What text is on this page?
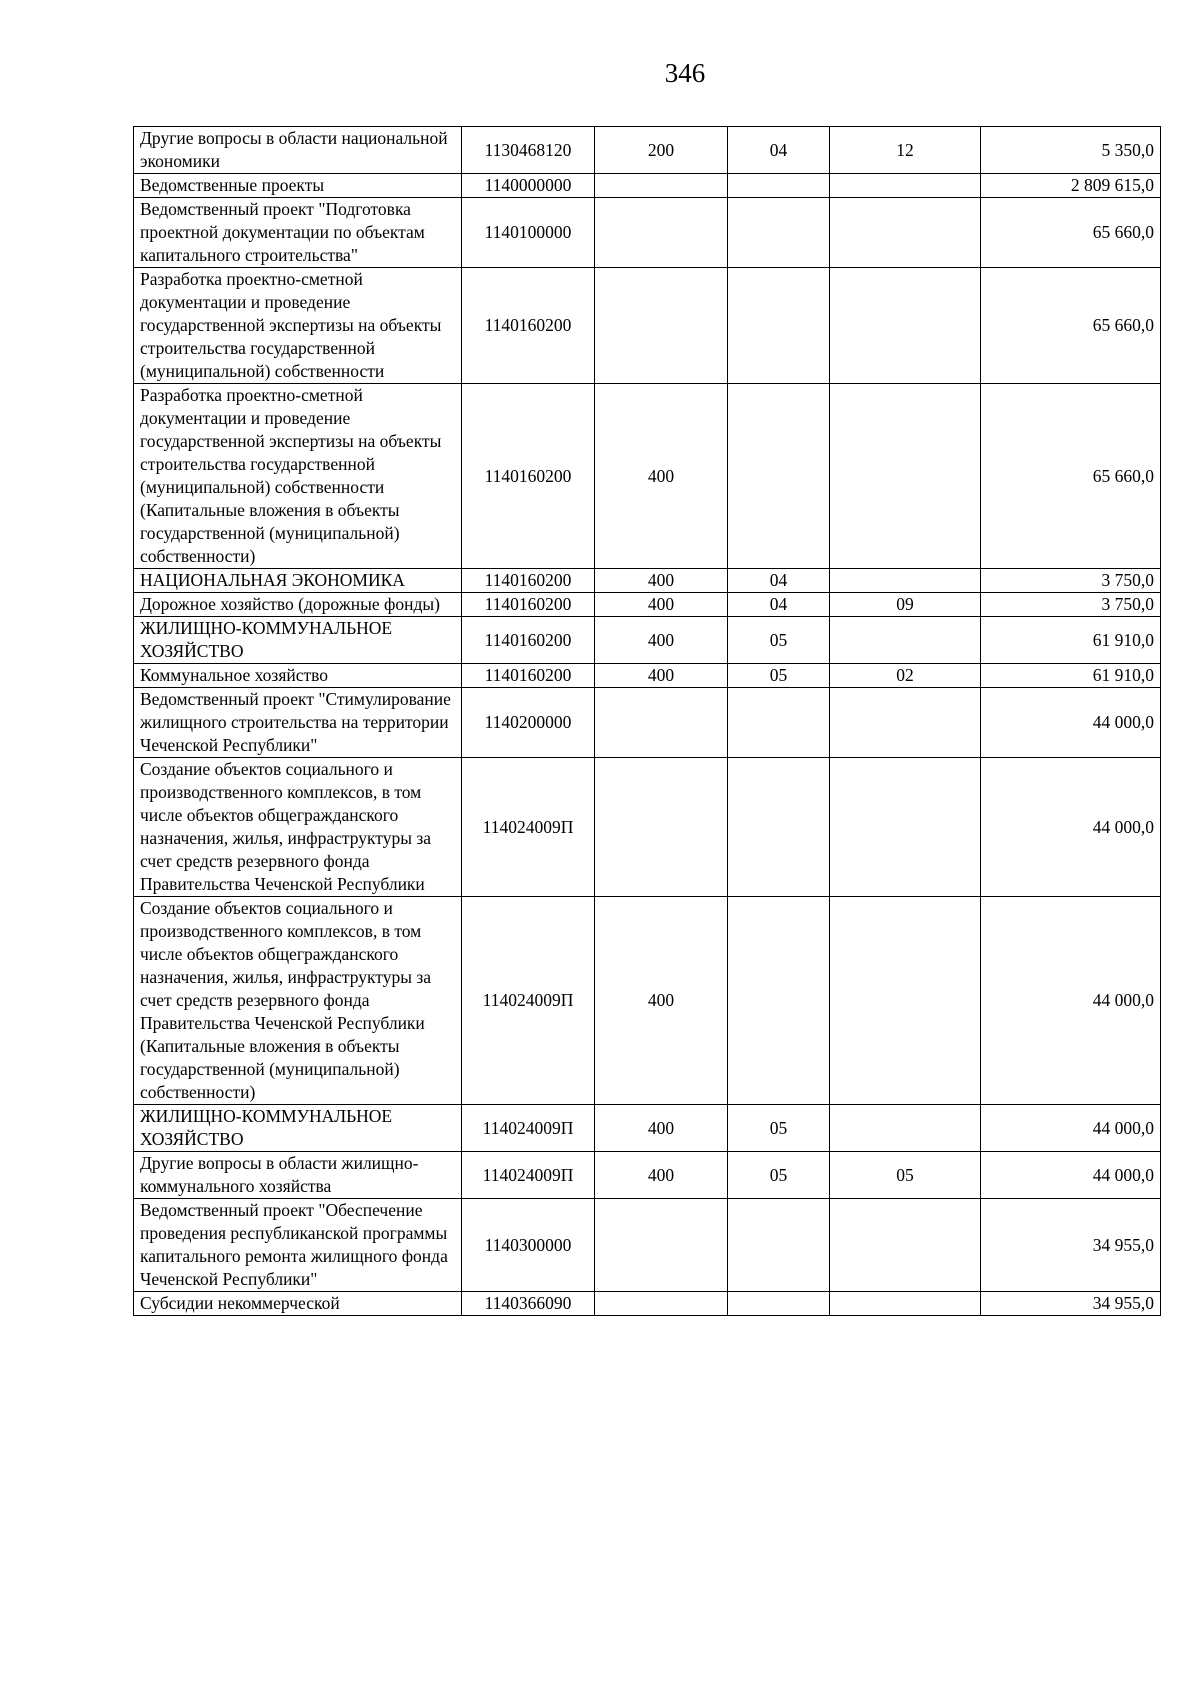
346
Другие вопросы в области национальной экономики	1130468120	200	04	12	5 350,0
Ведомственные проекты	1140000000				2 809 615,0
Ведомственный проект "Подготовка проектной документации по объектам капитального строительства"	1140100000				65 660,0
Разработка проектно-сметной документации и проведение государственной экспертизы на объекты строительства государственной (муниципальной) собственности	1140160200				65 660,0
Разработка проектно-сметной документации и проведение государственной экспертизы на объекты строительства государственной (муниципальной) собственности (Капитальные вложения в объекты государственной (муниципальной) собственности)	1140160200	400			65 660,0
НАЦИОНАЛЬНАЯ ЭКОНОМИКА	1140160200	400	04		3 750,0
Дорожное хозяйство (дорожные фонды)	1140160200	400	04	09	3 750,0
ЖИЛИЩНО-КОММУНАЛЬНОЕ ХОЗЯЙСТВО	1140160200	400	05		61 910,0
Коммунальное хозяйство	1140160200	400	05	02	61 910,0
Ведомственный проект "Стимулирование жилищного строительства на территории Чеченской Республики"	1140200000				44 000,0
Создание объектов социального и производственного комплексов, в том числе объектов общегражданского назначения, жилья, инфраструктуры за счет средств резервного фонда Правительства Чеченской Республики	114024009П				44 000,0
Создание объектов социального и производственного комплексов, в том числе объектов общегражданского назначения, жилья, инфраструктуры за счет средств резервного фонда Правительства Чеченской Республики (Капитальные вложения в объекты государственной (муниципальной) собственности)	114024009П	400			44 000,0
ЖИЛИЩНО-КОММУНАЛЬНОЕ ХОЗЯЙСТВО	114024009П	400	05		44 000,0
Другие вопросы в области жилищно-коммунального хозяйства	114024009П	400	05	05	44 000,0
Ведомственный проект "Обеспечение проведения республиканской программы капитального ремонта жилищного фонда Чеченской Республики"	1140300000				34 955,0
Субсидии некоммерческой	1140366090				34 955,0
